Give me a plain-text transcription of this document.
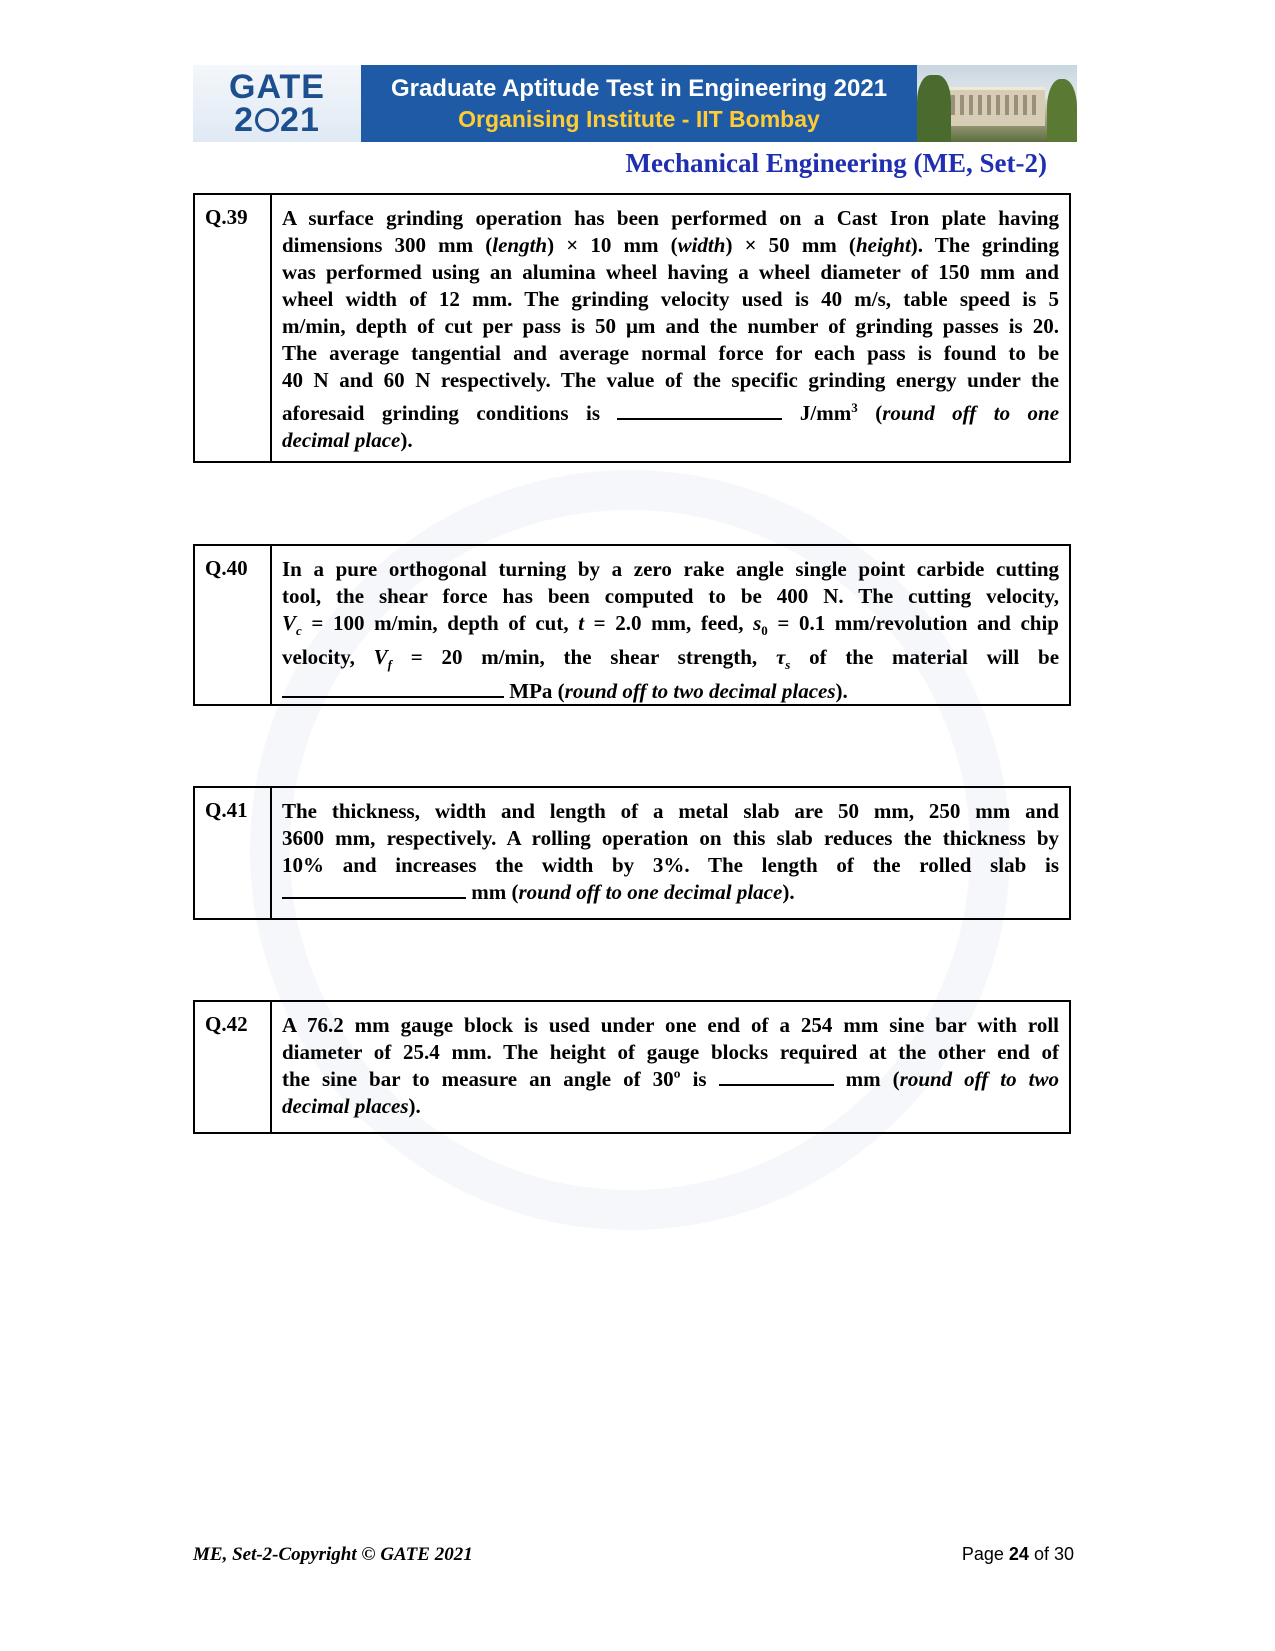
GATE
2 21
Graduate Aptitude Test in Engineering 2021
Organising Institute - IIT Bombay
Mechanical Engineering (ME, Set-2)
Q.39	A surface grinding operation has been performed on a Cast Iron plate having
dimensions 300 mm (length) × 10 mm (width) × 50 mm (height). The grinding
was performed using an alumina wheel having a wheel diameter of 150 mm and
wheel width of 12 mm. The grinding velocity used is 40 m/s, table speed is 5
m/min, depth of cut per pass is 50 μm and the number of grinding passes is 20.
The average tangential and average normal force for each pass is found to be
40 N and 60 N respectively. The value of the specific grinding energy under the
aforesaid grinding conditions is	$J/mm^3$ (round off to one
decimal place).
Q.40	In a pure orthogonal turning by a zero rake angle single point carbide cutting
tool, the shear force has been computed to be 400 N. The cutting velocity,
$V_c = 100$ m/min, depth of cut, t = 2.0 mm, feed, $s_0 = 0.1$ mm/revolution and chip
velocity, $V_f = 20$ m/min, the shear strength, $\tau_s$ of the material will be
MPa (round off to two decimal places).
Q.41	The thickness, width and length of a metal slab are 50 mm, 250 mm and
3600 mm, respectively. A rolling operation on this slab reduces the thickness by
10% and increases the width by 3%. The length of the rolled slab is
mm (round off to one decimal place).
Q.42	A 76.2 mm gauge block is used under one end of a 254 mm sine bar with roll
diameter of 25.4 mm. The height of gauge blocks required at the other end of
the sine bar to measure an angle of 30º is	mm (round off to two
decimal places).
ME, Set-2-Copyright © GATE 2021	Page 24 of 30
